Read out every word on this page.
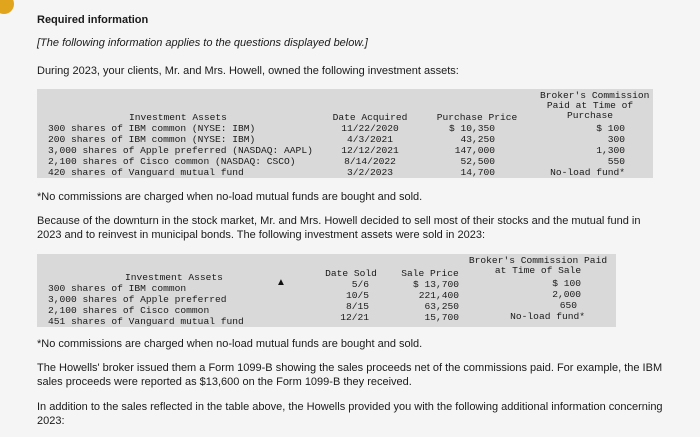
Required information
[The following information applies to the questions displayed below.]
During 2023, your clients, Mr. and Mrs. Howell, owned the following investment assets:
Broker's Commission
Paid at Time of
Purchase
Investment Assets	Date Acquired	Purchase Price
300 shares of IBM common (NYSE: IBM)	11/22/2020	$ 10,350	$ 100
200 shares of IBM common (NYSE: IBM)	4/3/2021	43,250	300
3,000 shares of Apple preferred (NASDAQ: AAPL)	12/12/2021	147,000	1,300
2,100 shares of Cisco common (NASDAQ: CSCO)	8/14/2022	52,500	550
420 shares of Vanguard mutual fund	3/2/2023	14,700	No-load fund*
*No commissions are charged when no-load mutual funds are bought and sold.
Because of the downturn in the stock market, Mr. and Mrs. Howell decided to sell most of their stocks and the mutual fund in 2023 and to reinvest in municipal bonds. The following investment assets were sold in 2023:
Broker's Commission Paid
at Time of Sale
Investment Assets	Date Sold	Sale Price
300 shares of IBM common	5/6	$ 13,700	$ 100
3,000 shares of Apple preferred	10/5	221,400	2,000
2,100 shares of Cisco common	8/15	63,250	650
451 shares of Vanguard mutual fund	12/21	15,700	No-load fund*
▲
*No commissions are charged when no-load mutual funds are bought and sold.
The Howells' broker issued them a Form 1099-B showing the sales proceeds net of the commissions paid. For example, the IBM sales proceeds were reported as $13,600 on the Form 1099-B they received.
In addition to the sales reflected in the table above, the Howells provided you with the following additional information concerning 2023:
